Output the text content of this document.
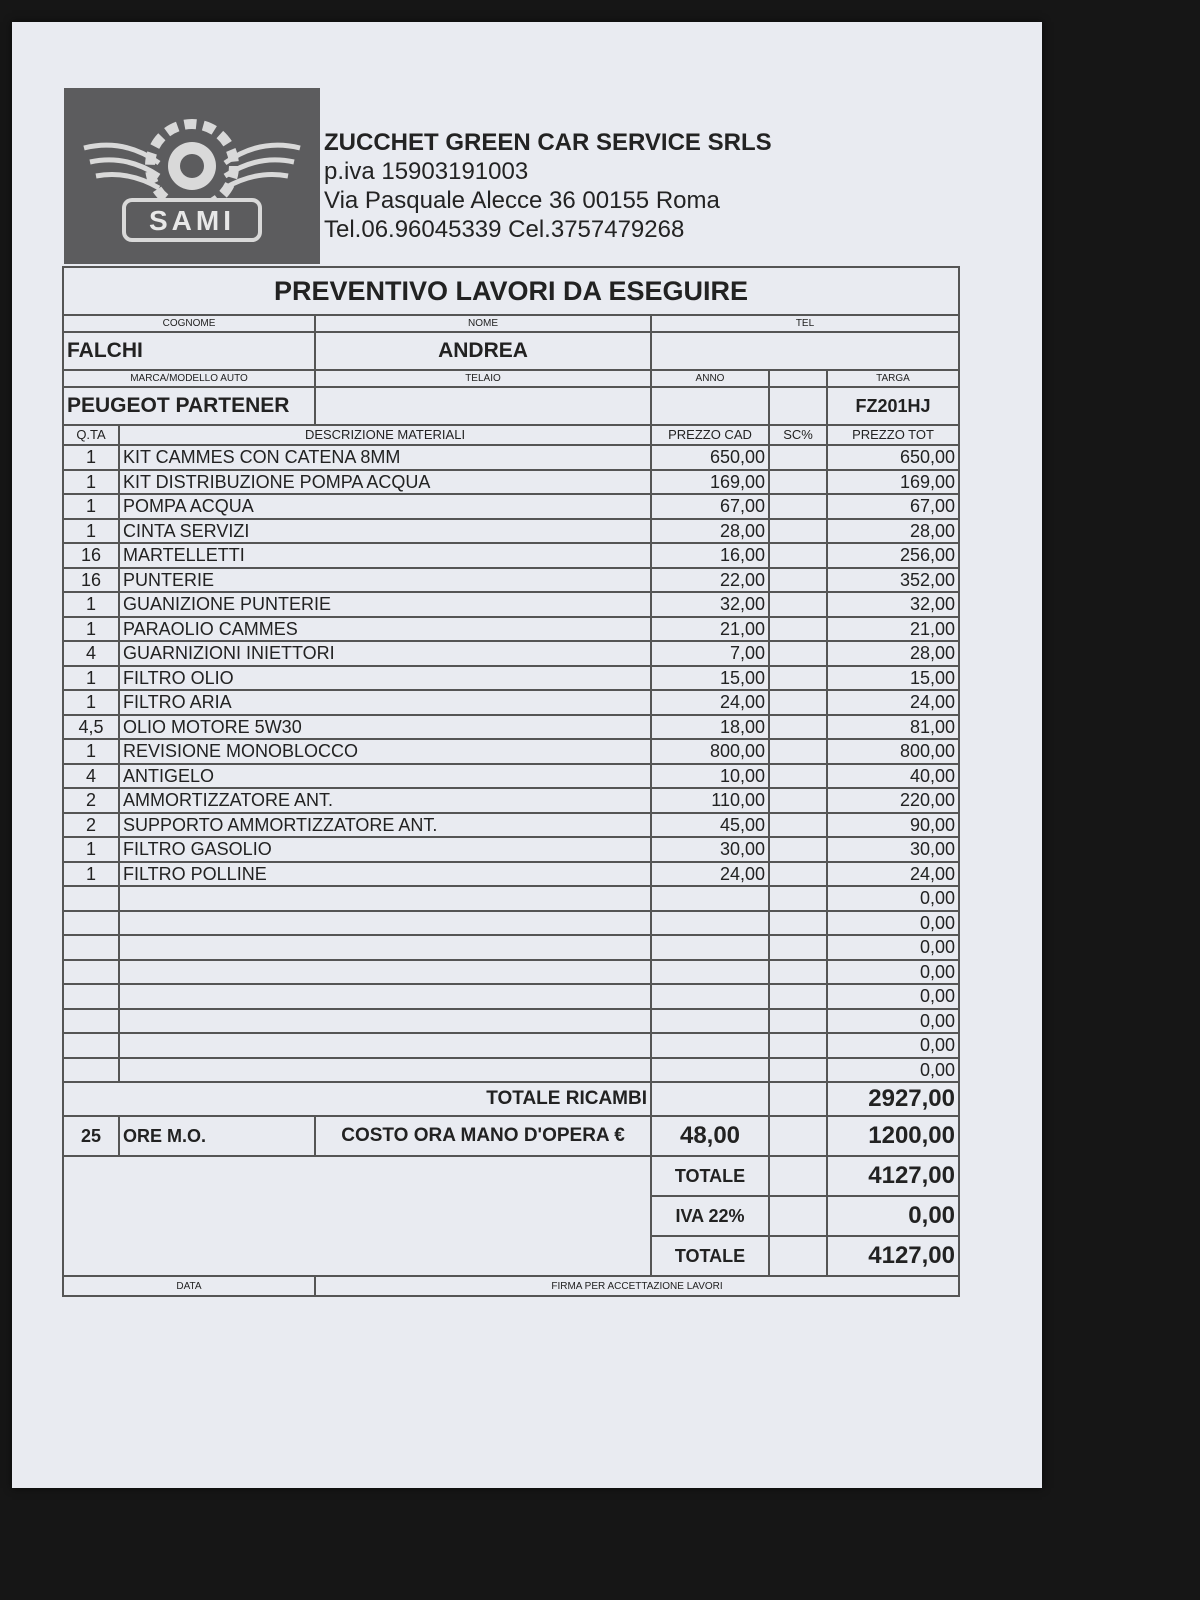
SAMI
ZUCCHET GREEN CAR SERVICE SRLS
p.iva 15903191003
Via Pasquale Alecce 36 00155 Roma
Tel.06.96045339 Cel.3757479268
PREVENTIVO LAVORI DA ESEGUIRE					
COGNOME		NOME	TEL		
FALCHI		ANDREA			
MARCA/MODELLO AUTO		TELAIO	ANNO		TARGA
PEUGEOT PARTENER					FZ201HJ
Q.TA	DESCRIZIONE MATERIALI		PREZZO CAD	SC%	PREZZO TOT
1	KIT CAMMES CON CATENA 8MM		650,00		650,00
1	KIT DISTRIBUZIONE POMPA ACQUA		169,00		169,00
1	POMPA ACQUA		67,00		67,00
1	CINTA SERVIZI		28,00		28,00
16	MARTELLETTI		16,00		256,00
16	PUNTERIE		22,00		352,00
1	GUANIZIONE PUNTERIE		32,00		32,00
1	PARAOLIO CAMMES		21,00		21,00
4	GUARNIZIONI INIETTORI		7,00		28,00
1	FILTRO OLIO		15,00		15,00
1	FILTRO ARIA		24,00		24,00
4,5	OLIO MOTORE 5W30		18,00		81,00
1	REVISIONE MONOBLOCCO		800,00		800,00
4	ANTIGELO		10,00		40,00
2	AMMORTIZZATORE ANT.		110,00		220,00
2	SUPPORTO AMMORTIZZATORE ANT.		45,00		90,00
1	FILTRO GASOLIO		30,00		30,00
1	FILTRO POLLINE		24,00		24,00
					0,00
					0,00
					0,00
					0,00
					0,00
					0,00
					0,00
					0,00
TOTALE RICAMBI					2927,00
25	ORE M.O.	COSTO ORA MANO D'OPERA €	48,00		1200,00
			TOTALE		4127,00
			IVA 22%		0,00
			TOTALE		4127,00
DATA		FIRMA PER ACCETTAZIONE LAVORI			
